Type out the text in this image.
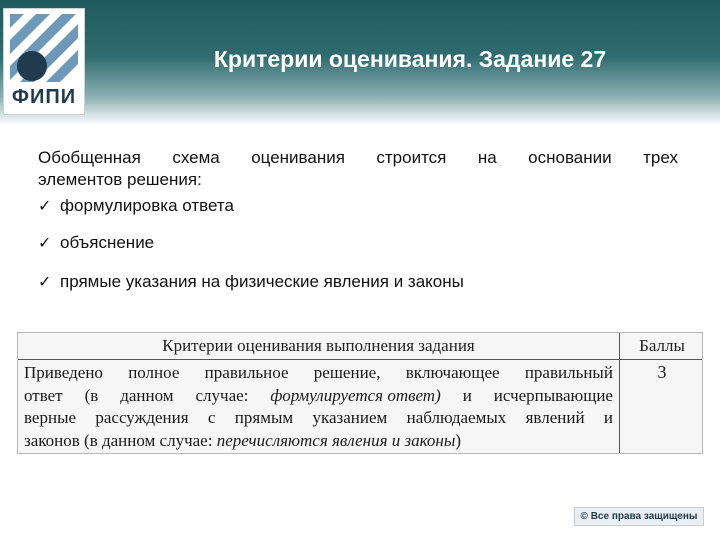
ФИПИ
Критерии оценивания. Задание 27
Обобщенная схема оценивания строится на основании трех
элементов решения:
✓ формулировка ответа
✓ объяснение
✓ прямые указания на физические явления и законы
Критерии оценивания выполнения задания	Баллы
Приведено полное правильное решение, включающее правильный
ответ (в данном случае: формулируется ответ) и исчерпывающие
верные рассуждения с прямым указанием наблюдаемых явлений и
законов (в данном случае: перечисляются явления и законы )
3
© Все права защищены
